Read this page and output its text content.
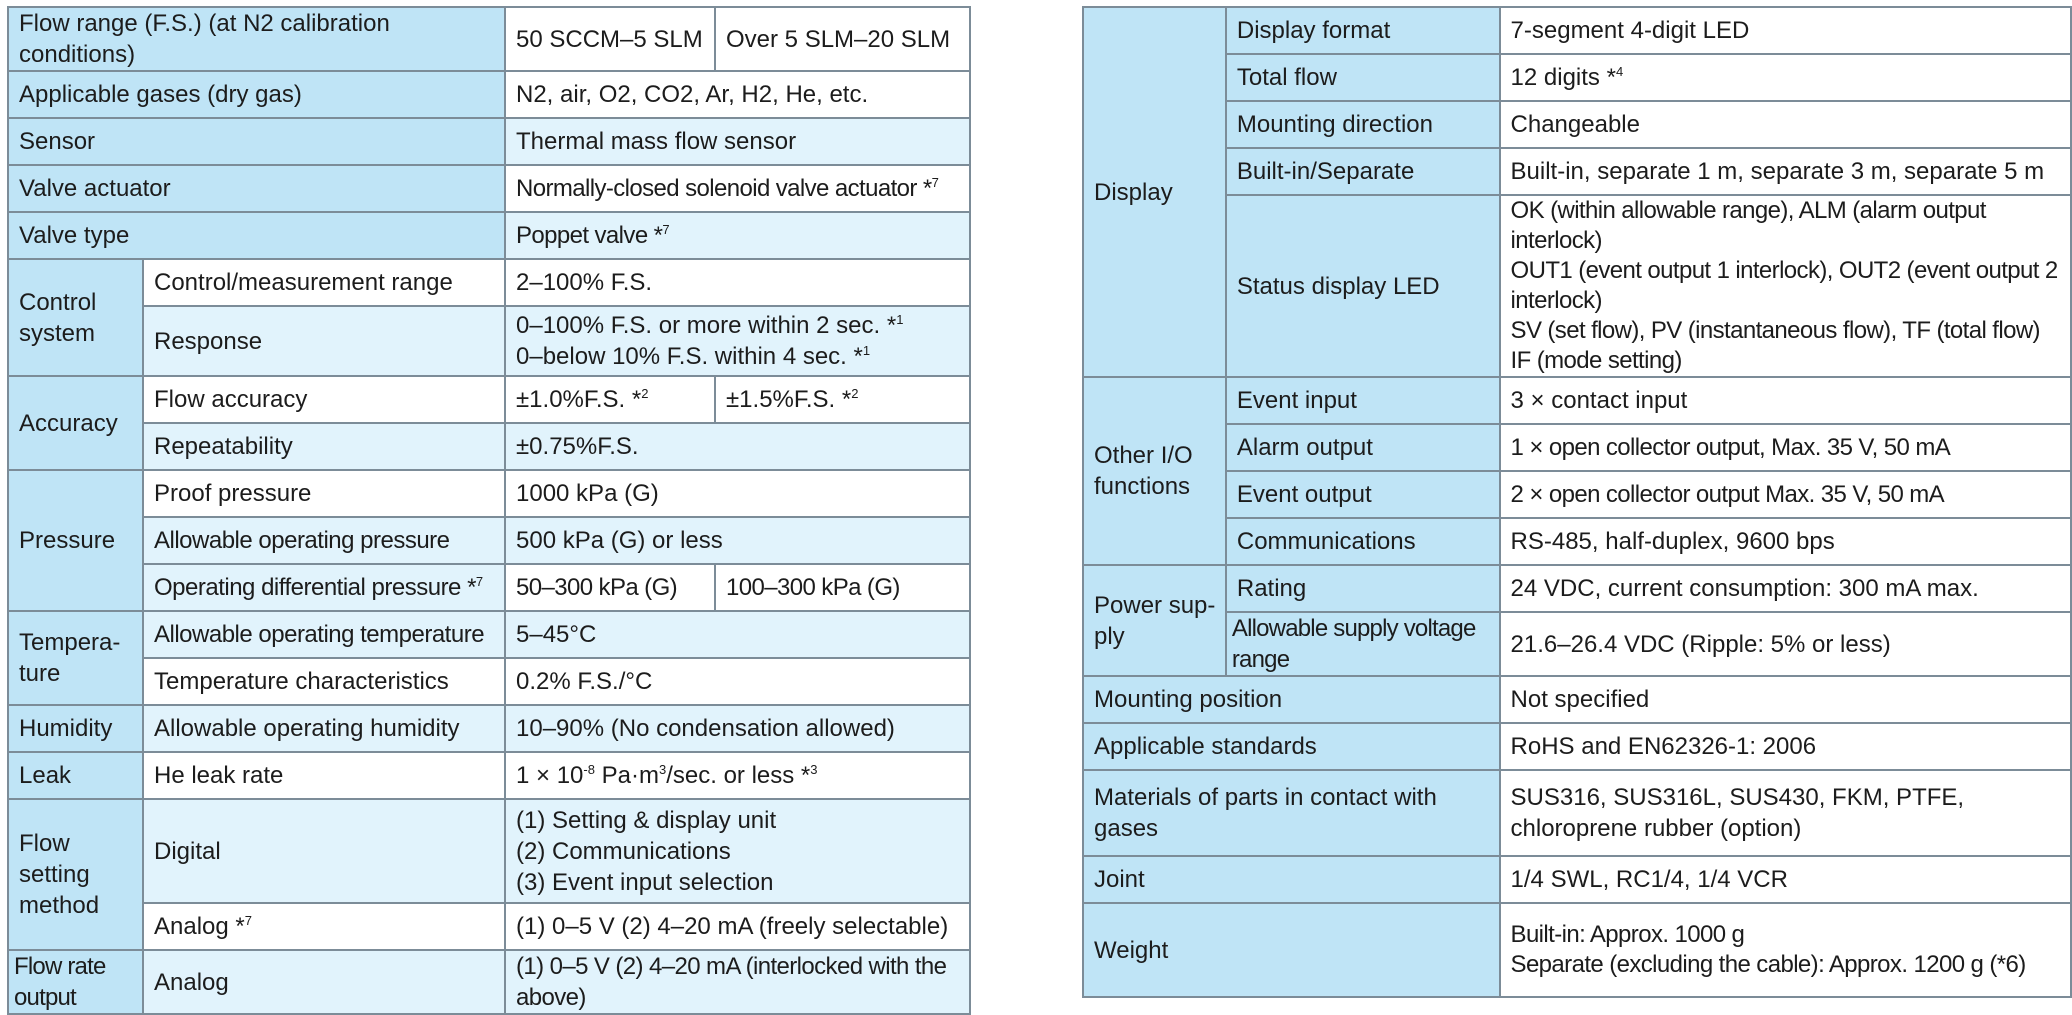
Flow range (F.S.) (at N2 calibration conditions)		50 SCCM–5 SLM	Over 5 SLM–20 SLM
Applicable gases (dry gas)		N2, air, O2, CO2, Ar, H2, He, etc.	
Sensor		Thermal mass flow sensor	
Valve actuator		Normally-closed solenoid valve actuator *$^7$
Valve type		Poppet valve *$^7$
Control system	Control/measurement range	2–100% F.S.	
	Response	0–100% F.S. or more within 2 sec. *$^1$
0–below 10% F.S. within 4 sec. *$^1$

Accuracy	Flow accuracy	±1.0%F.S. *$^2$	±1.5%F.S. *$^2$
	Repeatability	±0.75%F.S.	
Pressure	Proof pressure	1000 kPa (G)	
	Allowable operating pressure	500 kPa (G) or less	
	Operating differential pressure *$^7$	50–300 kPa (G)	100–300 kPa (G)
Tempera-ture	Allowable operating temperature	5–45°C	
	Temperature characteristics	0.2% F.S./°C	
Humidity	Allowable operating humidity	10–90% (No condensation allowed)	
Leak	He leak rate	$1 \times 10^{-8}$ $Pa\cdot m^3/\sec$. or less *$^3$
Flow setting method	Digital	(1) Setting & display unit
(2) Communications
(3) Event input selection	

	Analog *$^7$	(1) 0–5 V (2) 4–20 mA (freely selectable)	
Flow rate output	Analog	(1) 0–5 V (2) 4–20 mA (interlocked with the above)	
Display	Display format	7-segment 4-digit LED
	Total flow	12 digits *$^4$
	Mounting direction	Changeable
	Built-in/Separate	Built-in, separate 1 m, separate 3 m, separate 5 m
	Status display LED	OK (within allowable range), ALM (alarm output interlock)
OUT1 (event output 1 interlock), OUT2 (event output 2 interlock)
SV (set flow), PV (instantaneous flow), TF (total flow)
IF (mode setting)

Other I/O functions	Event input	3 × contact input
	Alarm output	1 × open collector output, Max. 35 V, 50 mA
	Event output	2 × open collector output Max. 35 V, 50 mA
	Communications	RS-485, half-duplex, 9600 bps
Power sup-ply	Rating	24 VDC, current consumption: 300 mA max.
	Allowable supply voltage range	21.6–26.4 VDC (Ripple: 5% or less)
Mounting position		Not specified
Applicable standards		RoHS and EN62326-1: 2006
Materials of parts in contact with gases		SUS316, SUS316L, SUS430, FKM, PTFE, chloroprene rubber (option)
Joint		1/4 SWL, RC1/4, 1/4 VCR
Weight		Built-in: Approx. 1000 g
Separate (excluding the cable): Approx. 1200 g (*6)
